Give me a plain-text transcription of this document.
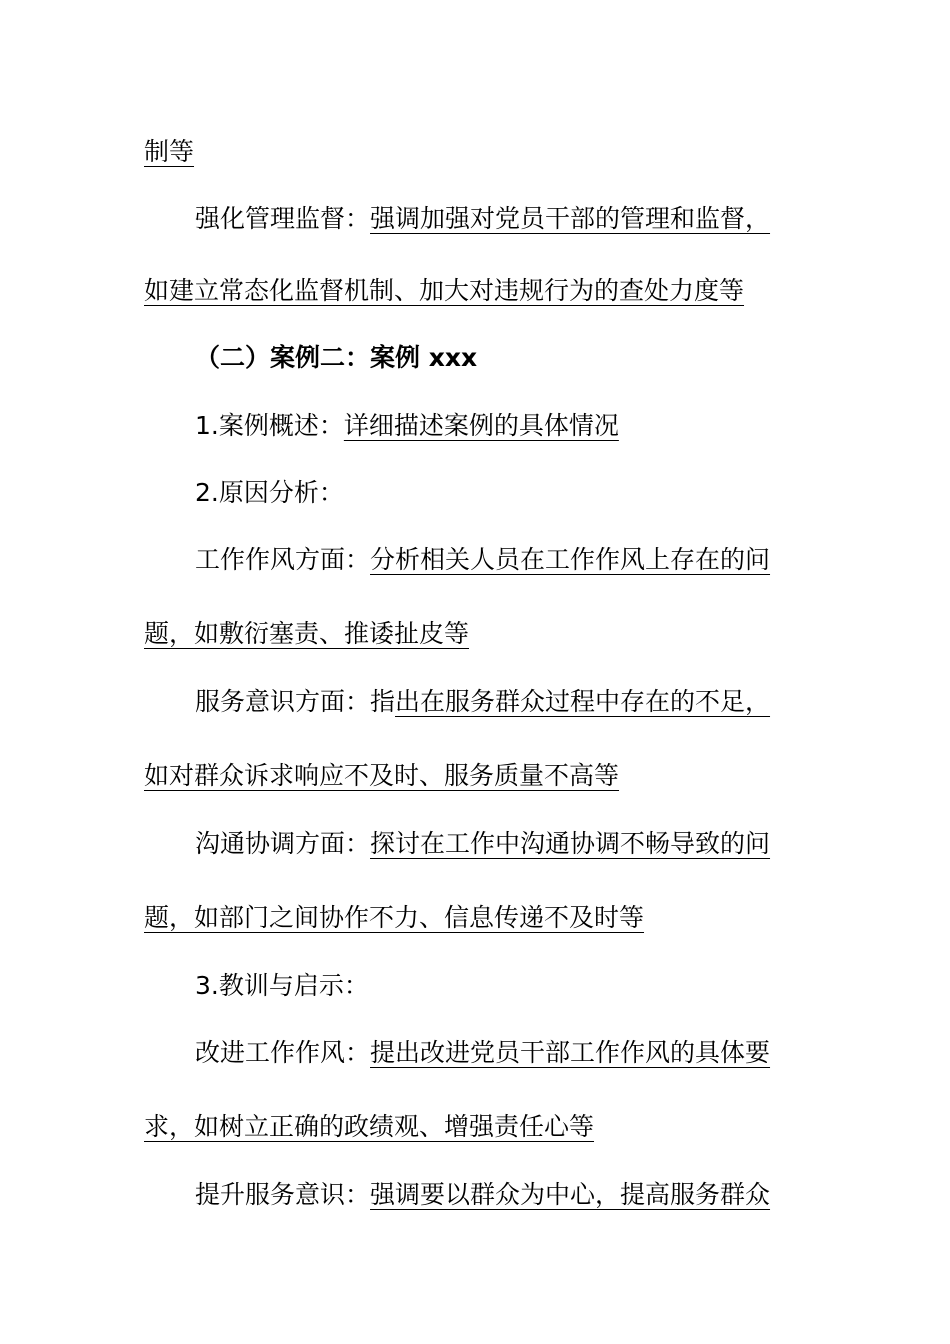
制等
强化管理监督：强调加强对党员干部的管理和监督，
如建立常态化监督机制、加大对违规行为的查处力度等
（二）案例二：案例 xxx
1.案例概述：详细描述案例的具体情况
2.原因分析：
工作作风方面：分析相关人员在工作作风上存在的问
题，如敷衍塞责、推诿扯皮等
服务意识方面：指出在服务群众过程中存在的不足，
如对群众诉求响应不及时、服务质量不高等
沟通协调方面：探讨在工作中沟通协调不畅导致的问
题，如部门之间协作不力、信息传递不及时等
3.教训与启示：
改进工作作风：提出改进党员干部工作作风的具体要
求，如树立正确的政绩观、增强责任心等
提升服务意识：强调要以群众为中心，提高服务群众
